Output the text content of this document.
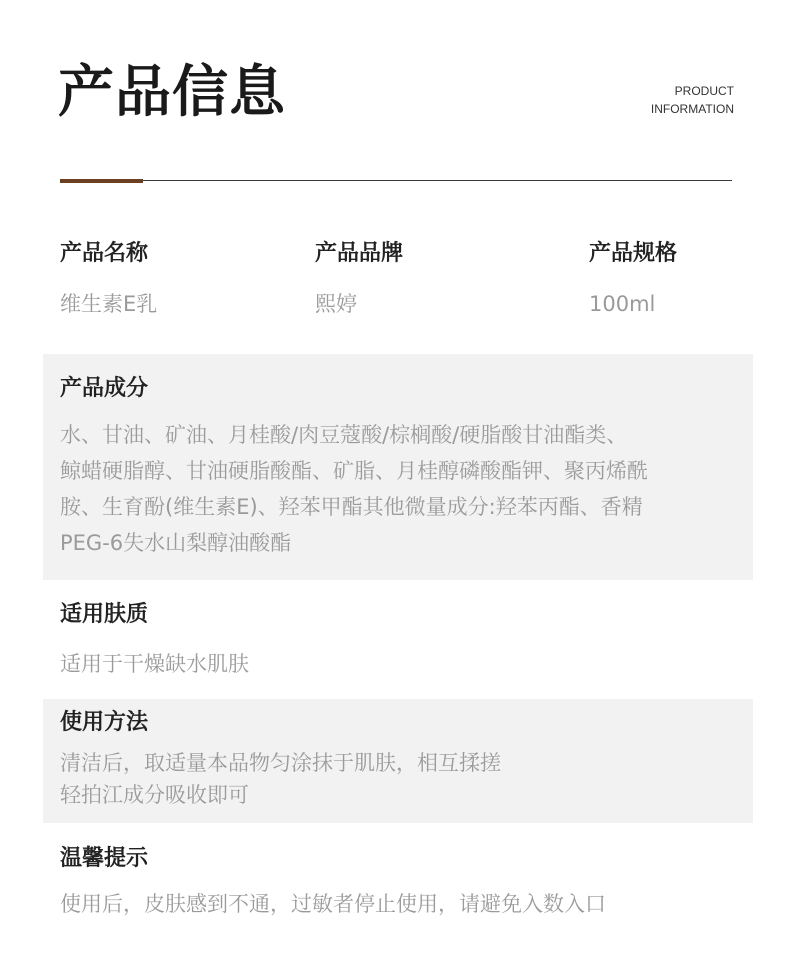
产品信息	PRODUCT
INFORMATION
产品名称
维生素E乳
产品品牌
熙婷
产品规格
100ml
产品成分
水、甘油、矿油、月桂酸/肉豆蔻酸/棕榈酸/硬脂酸甘油酯类、
鲸蜡硬脂醇、甘油硬脂酸酯、矿脂、月桂醇磷酸酯钾、聚丙烯酰
胺、生育酚(维生素E)、羟苯甲酯其他微量成分:羟苯丙酯、香精
PEG-6失水山梨醇油酸酯
适用肤质
适用于干燥缺水肌肤
使用方法
清洁后，取适量本品物匀涂抹于肌肤，相互揉搓
轻拍江成分吸收即可
温馨提示
使用后，皮肤感到不通，过敏者停止使用，请避免入数入口
